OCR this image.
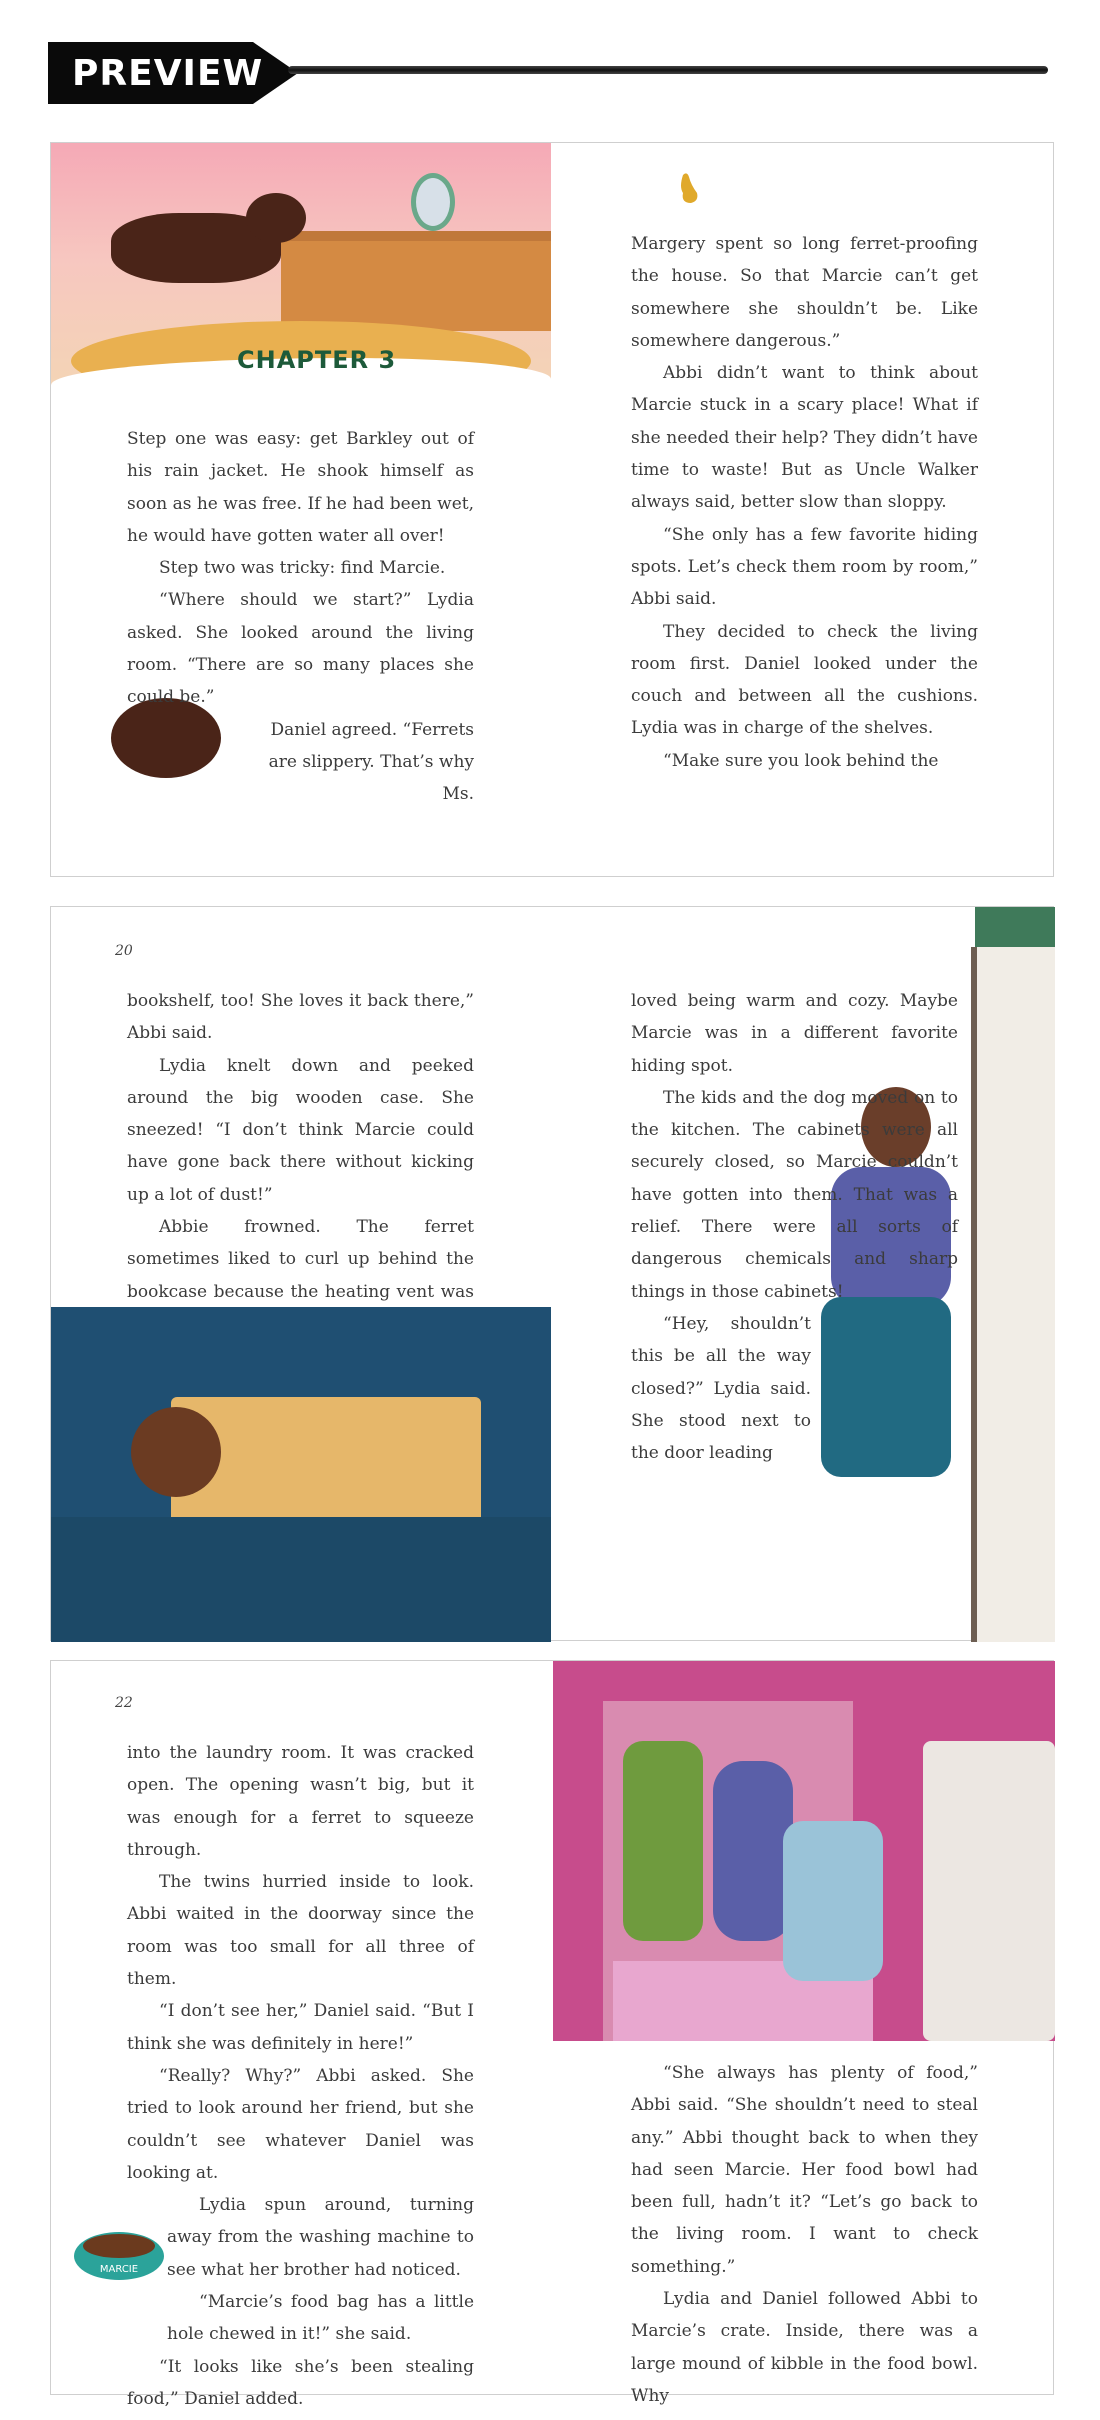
PREVIEW
CHAPTER 3

Step one was easy: get Barkley out of his rain jacket. He shook himself as soon as he was free. If he had been wet, he would have gotten water all over!

Step two was tricky: find Marcie.

“Where should we start?” Lydia asked. She looked around the living room. “There are so many places she could be.”

Daniel agreed. “Ferrets are slippery. That’s why Ms.

Margery spent so long ferret-proofing the house. So that Marcie can’t get somewhere she shouldn’t be. Like somewhere dangerous.”

Abbi didn’t want to think about Marcie stuck in a scary place! What if she needed their help? They didn’t have time to waste! But as Uncle Walker always said, better slow than sloppy.

“She only has a few favorite hiding spots. Let’s check them room by room,” Abbi said.

They decided to check the living room first. Daniel looked under the couch and between all the cushions. Lydia was in charge of the shelves.

“Make sure you look behind the

20

bookshelf, too! She loves it back there,” Abbi said.

Lydia knelt down and peeked around the big wooden case. She sneezed! “I don’t think Marcie could have gone back there without kicking up a lot of dust!”

Abbie frowned. The ferret sometimes liked to curl up behind the bookcase because the heating vent was

loved being warm and cozy. Maybe Marcie was in a different favorite hiding spot.

The kids and the dog moved on to the kitchen. The cabinets were all securely closed, so Marcie couldn’t have gotten into them. That was a relief. There were all sorts of dangerous chemicals and sharp things in those cabinets!

“Hey, shouldn’t this be all the way closed?” Lydia said. She stood next to the door leading

22

into the laundry room. It was cracked open. The opening wasn’t big, but it was enough for a ferret to squeeze through.

The twins hurried inside to look. Abbi waited in the doorway since the room was too small for all three of them.

“I don’t see her,” Daniel said. “But I think she was definitely in here!”

“Really? Why?” Abbi asked. She tried to look around her friend, but she couldn’t see whatever Daniel was looking at.

Lydia spun around, turning away from the washing machine to see what her brother had noticed.

“Marcie’s food bag has a little hole chewed in it!” she said.

“It looks like she’s been stealing food,” Daniel added.

MARCIE

“She always has plenty of food,” Abbi said. “She shouldn’t need to steal any.” Abbi thought back to when they had seen Marcie. Her food bowl had been full, hadn’t it? “Let’s go back to the living room. I want to check something.”

Lydia and Daniel followed Abbi to Marcie’s crate. Inside, there was a large mound of kibble in the food bowl. Why
